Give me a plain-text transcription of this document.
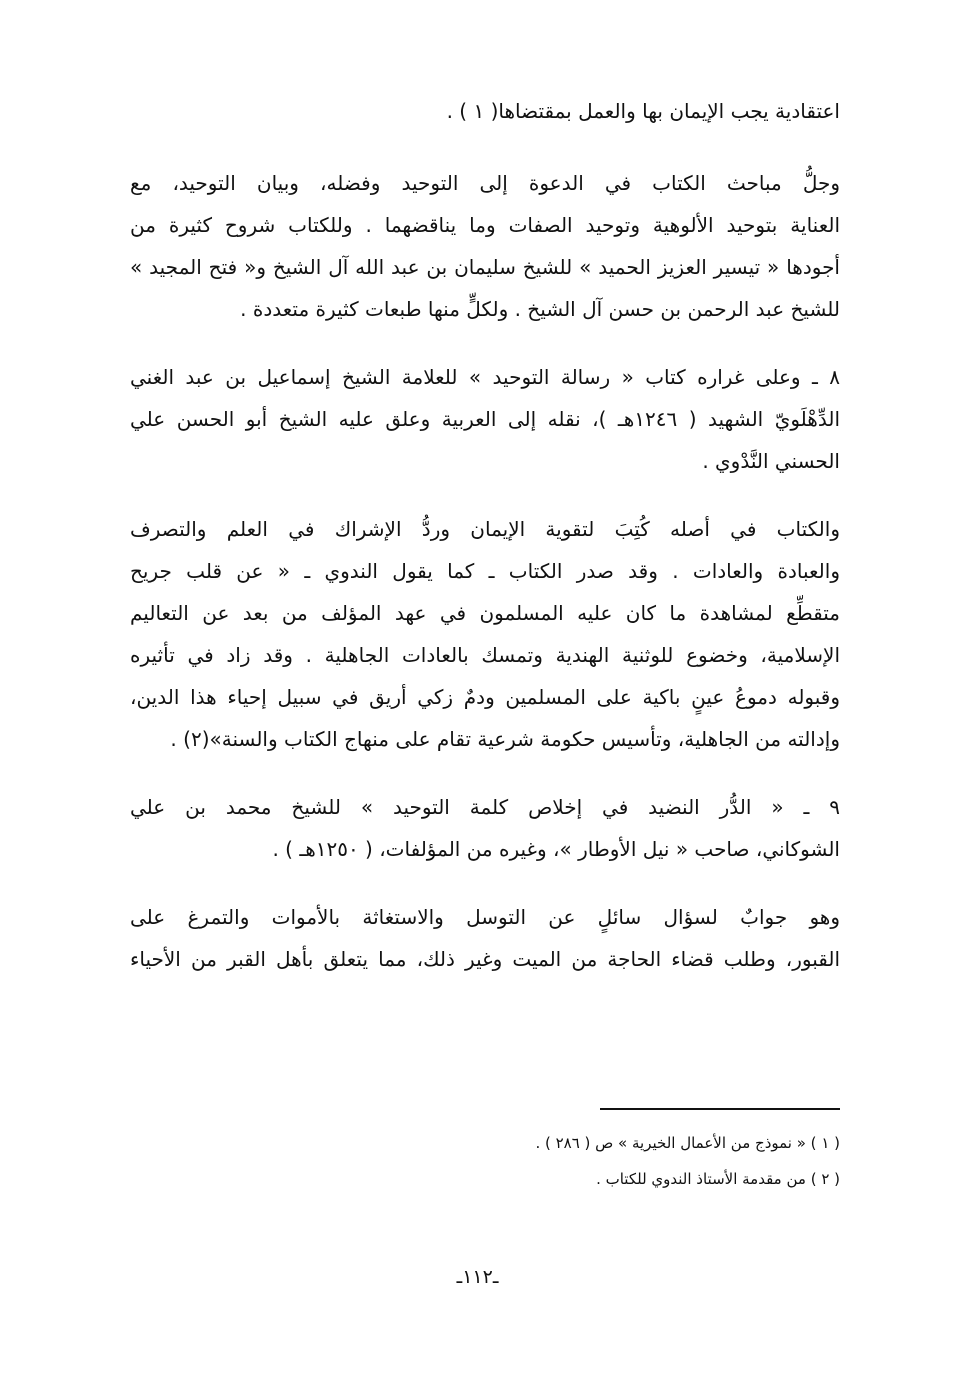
اعتقادية يجب الإيمان بها والعمل بمقتضاها( ١ ) .
وجلُّ مباحث الكتاب في الدعوة إلى التوحيد وفضله، وبيان التوحيد، مع
العناية بتوحيد الألوهية وتوحيد الصفات وما يناقضهما . وللكتاب شروح كثيرة من
أجودها « تيسير العزيز الحميد » للشيخ سليمان بن عبد الله آل الشيخ و« فتح المجيد »
للشيخ عبد الرحمن بن حسن آل الشيخ . ولكلٍّ منها طبعات كثيرة متعددة .
٨ ـ وعلى غراره كتاب « رسالة التوحيد » للعلامة الشيخ إسماعيل بن عبد الغني
الدِّهْلَويّ الشهيد ( ١٢٤٦هـ )، نقله إلى العربية وعلق عليه الشيخ أبو الحسن علي
الحسني النَّدْوي .
والكتاب في أصله كُتِبَ لتقوية الإيمان وردُّ الإشراك في العلم والتصرف
والعبادة والعادات . وقد صدر الكتاب ـ كما يقول الندوي ـ « عن قلب جريح
متقطِّع لمشاهدة ما كان عليه المسلمون في عهد المؤلف من بعد عن التعاليم
الإسلامية، وخضوع للوثنية الهندية وتمسك بالعادات الجاهلية . وقد زاد في تأثيره
وقبوله دموعُ عينٍ باكية على المسلمين ودمٌ زكي أريق في سبيل إحياء هذا الدين،
وإدالته من الجاهلية، وتأسيس حكومة شرعية تقام على منهاج الكتاب والسنة»(٢) .
٩ ـ « الدُّر النضيد في إخلاص كلمة التوحيد » للشيخ محمد بن علي
الشوكاني، صاحب « نيل الأوطار »، وغيره من المؤلفات، ( ١٢٥٠هـ ) .
وهو جوابٌ لسؤال سائلٍ عن التوسل والاستغاثة بالأموات والتمرغ على
القبور، وطلب قضاء الحاجة من الميت وغير ذلك، مما يتعلق بأهل القبر من الأحياء
( ١ ) « نموذج من الأعمال الخيرية » ص ( ٢٨٦ ) .
( ٢ ) من مقدمة الأستاذ الندوي للكتاب .
ـ١١٢ـ
